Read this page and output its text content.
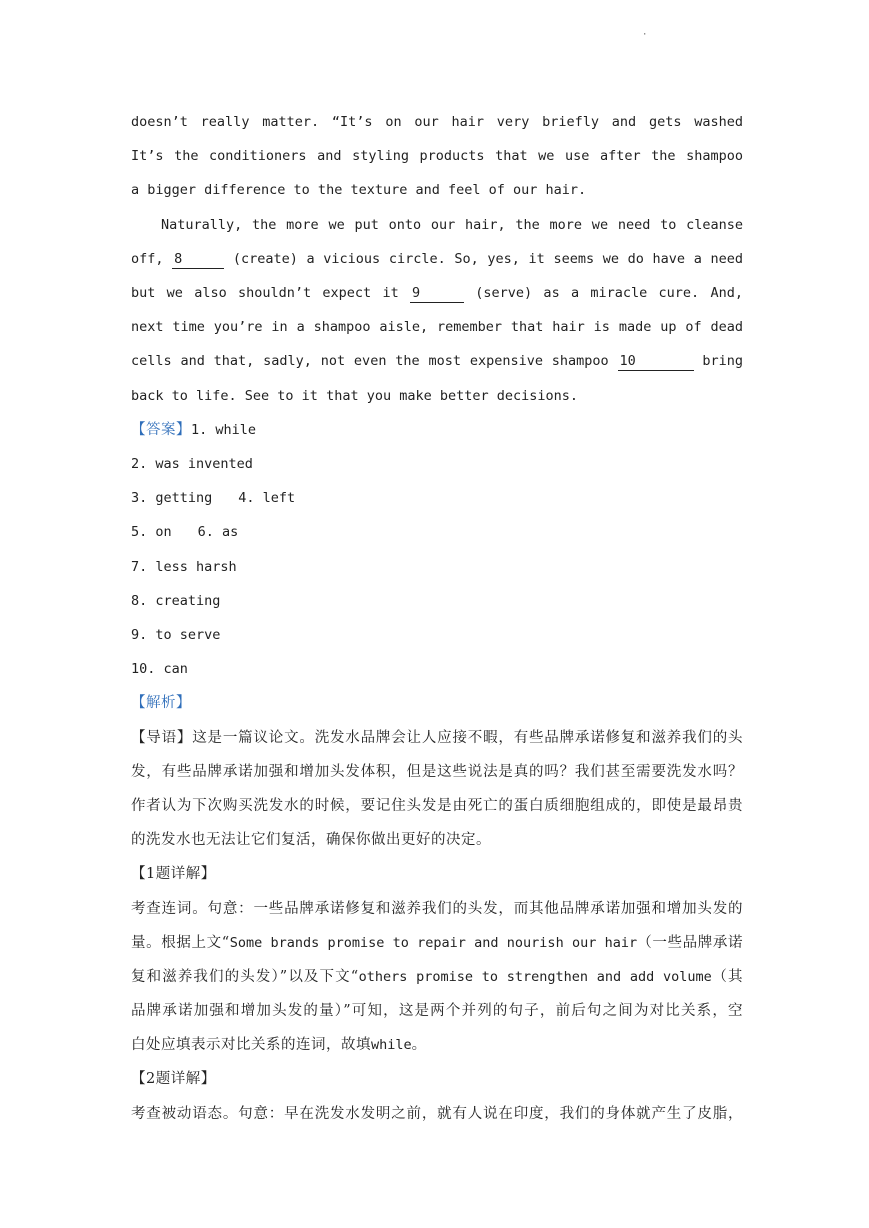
·
doesn’t really matter. “It’s on our hair very briefly and gets washed
It’s the conditioners and styling products that we use after the shampoo
a bigger difference to the texture and feel of our hair.
Naturally, the more we put onto our hair, the more we need to cleanse
off, 8	(create) a vicious circle. So, yes, it seems we do have a need
but we also shouldn’t expect it 9	(serve) as a miracle cure. And,
next time you’re in a shampoo aisle, remember that hair is made up of dead
cells and that, sadly, not even the most expensive shampoo 10	bring
back to life. See to it that you make better decisions.
【答案】1. while
2. was invented
3. getting 4. left
5. on 6. as
7. less harsh
8. creating
9. to serve
10. can
【解析】
【导语】这是一篇议论文。洗发水品牌会让人应接不暇，有些品牌承诺修复和滋养我们的头
发，有些品牌承诺加强和增加头发体积，但是这些说法是真的吗？我们甚至需要洗发水吗？
作者认为下次购买洗发水的时候，要记住头发是由死亡的蛋白质细胞组成的，即使是最昂贵
的洗发水也无法让它们复活，确保你做出更好的决定。
【1题详解】
考查连词。句意：一些品牌承诺修复和滋养我们的头发，而其他品牌承诺加强和增加头发的
量。根据上文“Some brands promise to repair and nourish our hair（一些品牌承诺
复和滋养我们的头发）”以及下文“others promise to strengthen and add volume（其
品牌承诺加强和增加头发的量）”可知，这是两个并列的句子，前后句之间为对比关系，空
白处应填表示对比关系的连词，故填while。
【2题详解】
考查被动语态。句意：早在洗发水发明之前，就有人说在印度，我们的身体就产生了皮脂，
